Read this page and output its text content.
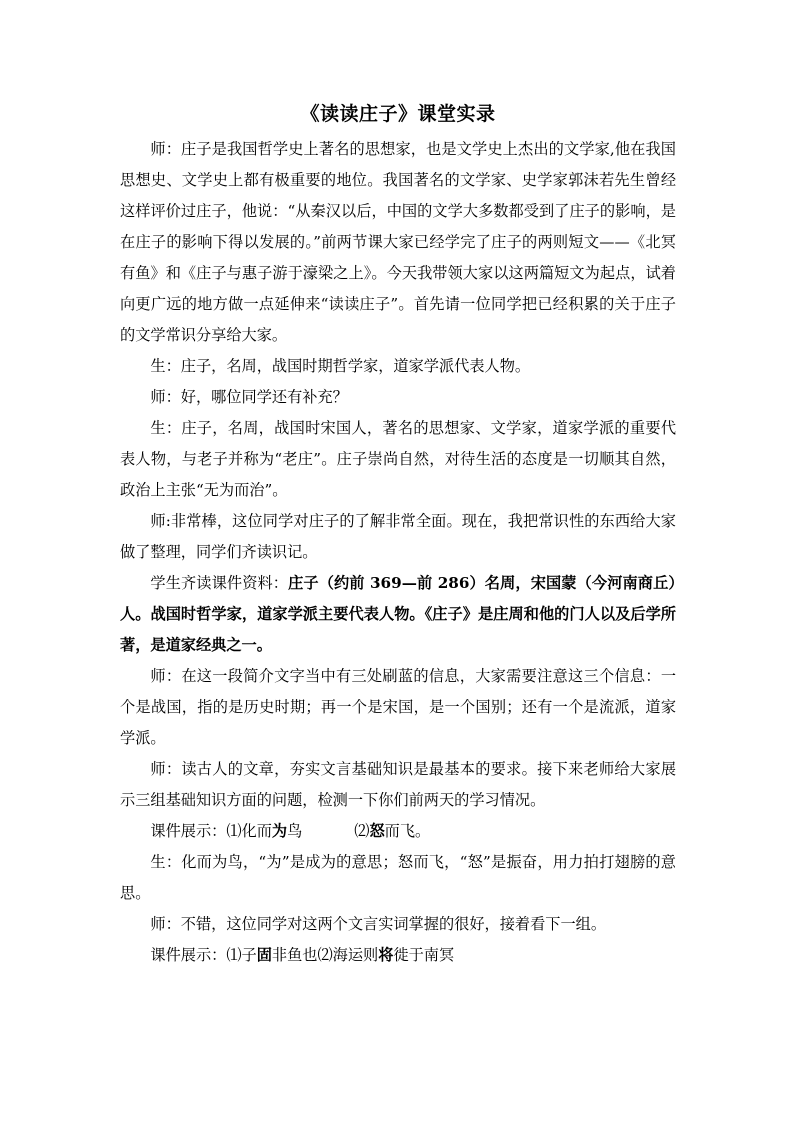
《读读庄子》课堂实录

师：庄子是我国哲学史上著名的思想家，也是文学史上杰出的文学家,他在我国思想史、文学史上都有极重要的地位。我国著名的文学家、史学家郭沫若先生曾经这样评价过庄子，他说：“从秦汉以后，中国的文学大多数都受到了庄子的影响，是在庄子的影响下得以发展的。”前两节课大家已经学完了庄子的两则短文——《北冥有鱼》和《庄子与惠子游于濠梁之上》。今天我带领大家以这两篇短文为起点，试着向更广远的地方做一点延伸来“读读庄子”。首先请一位同学把已经积累的关于庄子的文学常识分享给大家。

生：庄子，名周，战国时期哲学家，道家学派代表人物。

师：好，哪位同学还有补充？

生：庄子，名周，战国时宋国人，著名的思想家、文学家，道家学派的重要代表人物，与老子并称为“老庄”。庄子崇尚自然，对待生活的态度是一切顺其自然，政治上主张“无为而治”。

师:非常棒，这位同学对庄子的了解非常全面。现在，我把常识性的东西给大家做了整理，同学们齐读识记。

学生齐读课件资料：庄子（约前 369—前 286）名周，宋国蒙（今河南商丘）人。战国时哲学家，道家学派主要代表人物。《庄子》是庄周和他的门人以及后学所著，是道家经典之一。

师：在这一段简介文字当中有三处刷蓝的信息，大家需要注意这三个信息：一个是战国，指的是历史时期；再一个是宋国，是一个国别；还有一个是流派，道家学派。

师：读古人的文章，夯实文言基础知识是最基本的要求。接下来老师给大家展示三组基础知识方面的问题，检测一下你们前两天的学习情况。

课件展示：⑴化而为鸟	⑵怒而飞。

生：化而为鸟，“为”是成为的意思；怒而飞，“怒”是振奋，用力拍打翅膀的意思。

师：不错，这位同学对这两个文言实词掌握的很好，接着看下一组。

课件展示：⑴子固非鱼也⑵海运则将徙于南冥
